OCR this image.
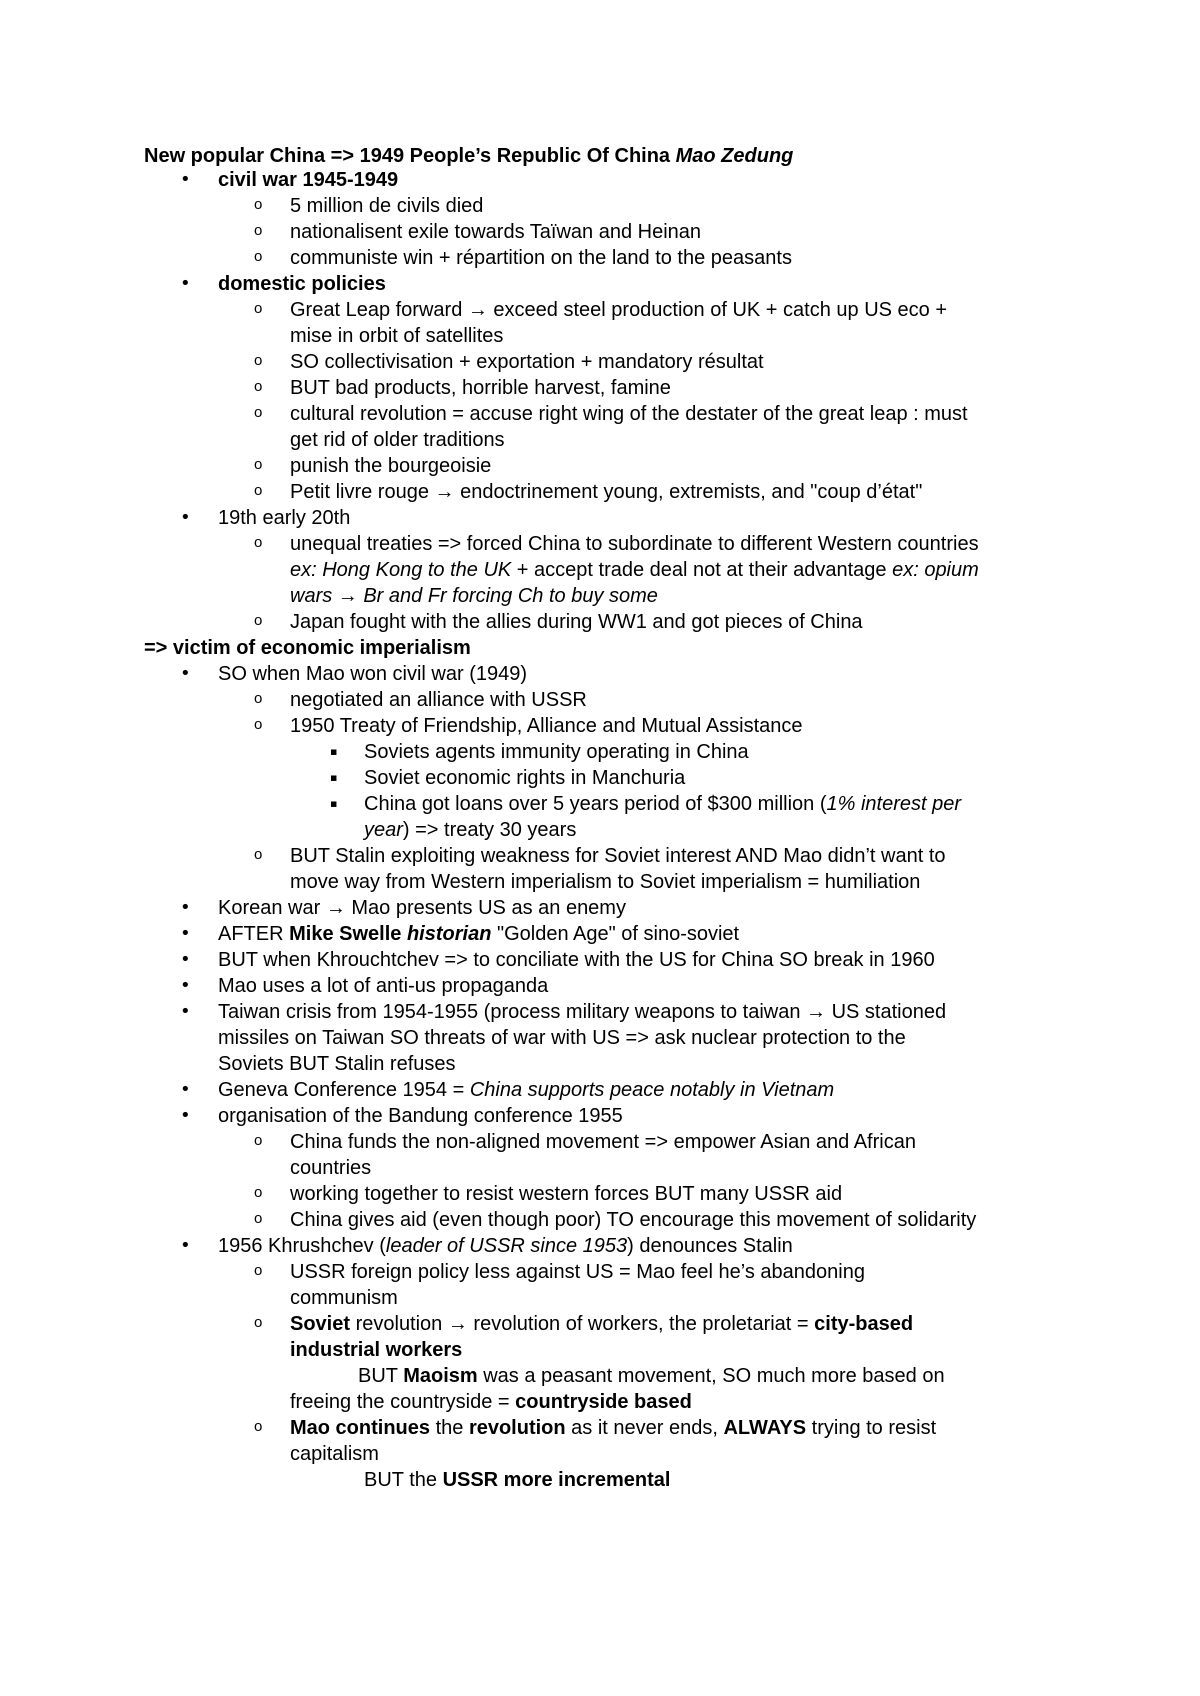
New popular China => 1949 People’s Republic Of China Mao Zedung
• civil war 1945-1949
o 5 million de civils died
o nationalisent exile towards Taïwan and Heinan
o communiste win + répartition on the land to the peasants
• domestic policies
o Great Leap forward → exceed steel production of UK + catch up US eco +
mise in orbit of satellites
o SO collectivisation + exportation + mandatory résultat
o BUT bad products, horrible harvest, famine
o cultural revolution = accuse right wing of the destater of the great leap : must
get rid of older traditions
o punish the bourgeoisie
o Petit livre rouge → endoctrinement young, extremists, and "coup d’état"
• 19th early 20th
o unequal treaties => forced China to subordinate to different Western countries
ex: Hong Kong to the UK + accept trade deal not at their advantage ex: opium
wars → Br and Fr forcing Ch to buy some
o Japan fought with the allies during WW1 and got pieces of China
=> victim of economic imperialism
• SO when Mao won civil war (1949)
o negotiated an alliance with USSR
o 1950 Treaty of Friendship, Alliance and Mutual Assistance
▪ Soviets agents immunity operating in China
▪ Soviet economic rights in Manchuria
▪ China got loans over 5 years period of $300 million (1% interest per
year) => treaty 30 years
o BUT Stalin exploiting weakness for Soviet interest AND Mao didn’t want to
move way from Western imperialism to Soviet imperialism = humiliation
• Korean war → Mao presents US as an enemy
• AFTER Mike Swelle historian "Golden Age" of sino-soviet
• BUT when Khrouchtchev => to conciliate with the US for China SO break in 1960
• Mao uses a lot of anti-us propaganda
• Taiwan crisis from 1954-1955 (process military weapons to taiwan → US stationed
missiles on Taiwan SO threats of war with US => ask nuclear protection to the
Soviets BUT Stalin refuses
• Geneva Conference 1954 = China supports peace notably in Vietnam
• organisation of the Bandung conference 1955
o China funds the non-aligned movement => empower Asian and African
countries
o working together to resist western forces BUT many USSR aid
o China gives aid (even though poor) TO encourage this movement of solidarity
• 1956 Khrushchev (leader of USSR since 1953) denounces Stalin
o USSR foreign policy less against US = Mao feel he’s abandoning
communism
o Soviet revolution → revolution of workers, the proletariat = city-based
industrial workers
BUT Maoism was a peasant movement, SO much more based on
freeing the countryside = countryside based
o Mao continues the revolution as it never ends, ALWAYS trying to resist
capitalism
BUT the USSR more incremental
